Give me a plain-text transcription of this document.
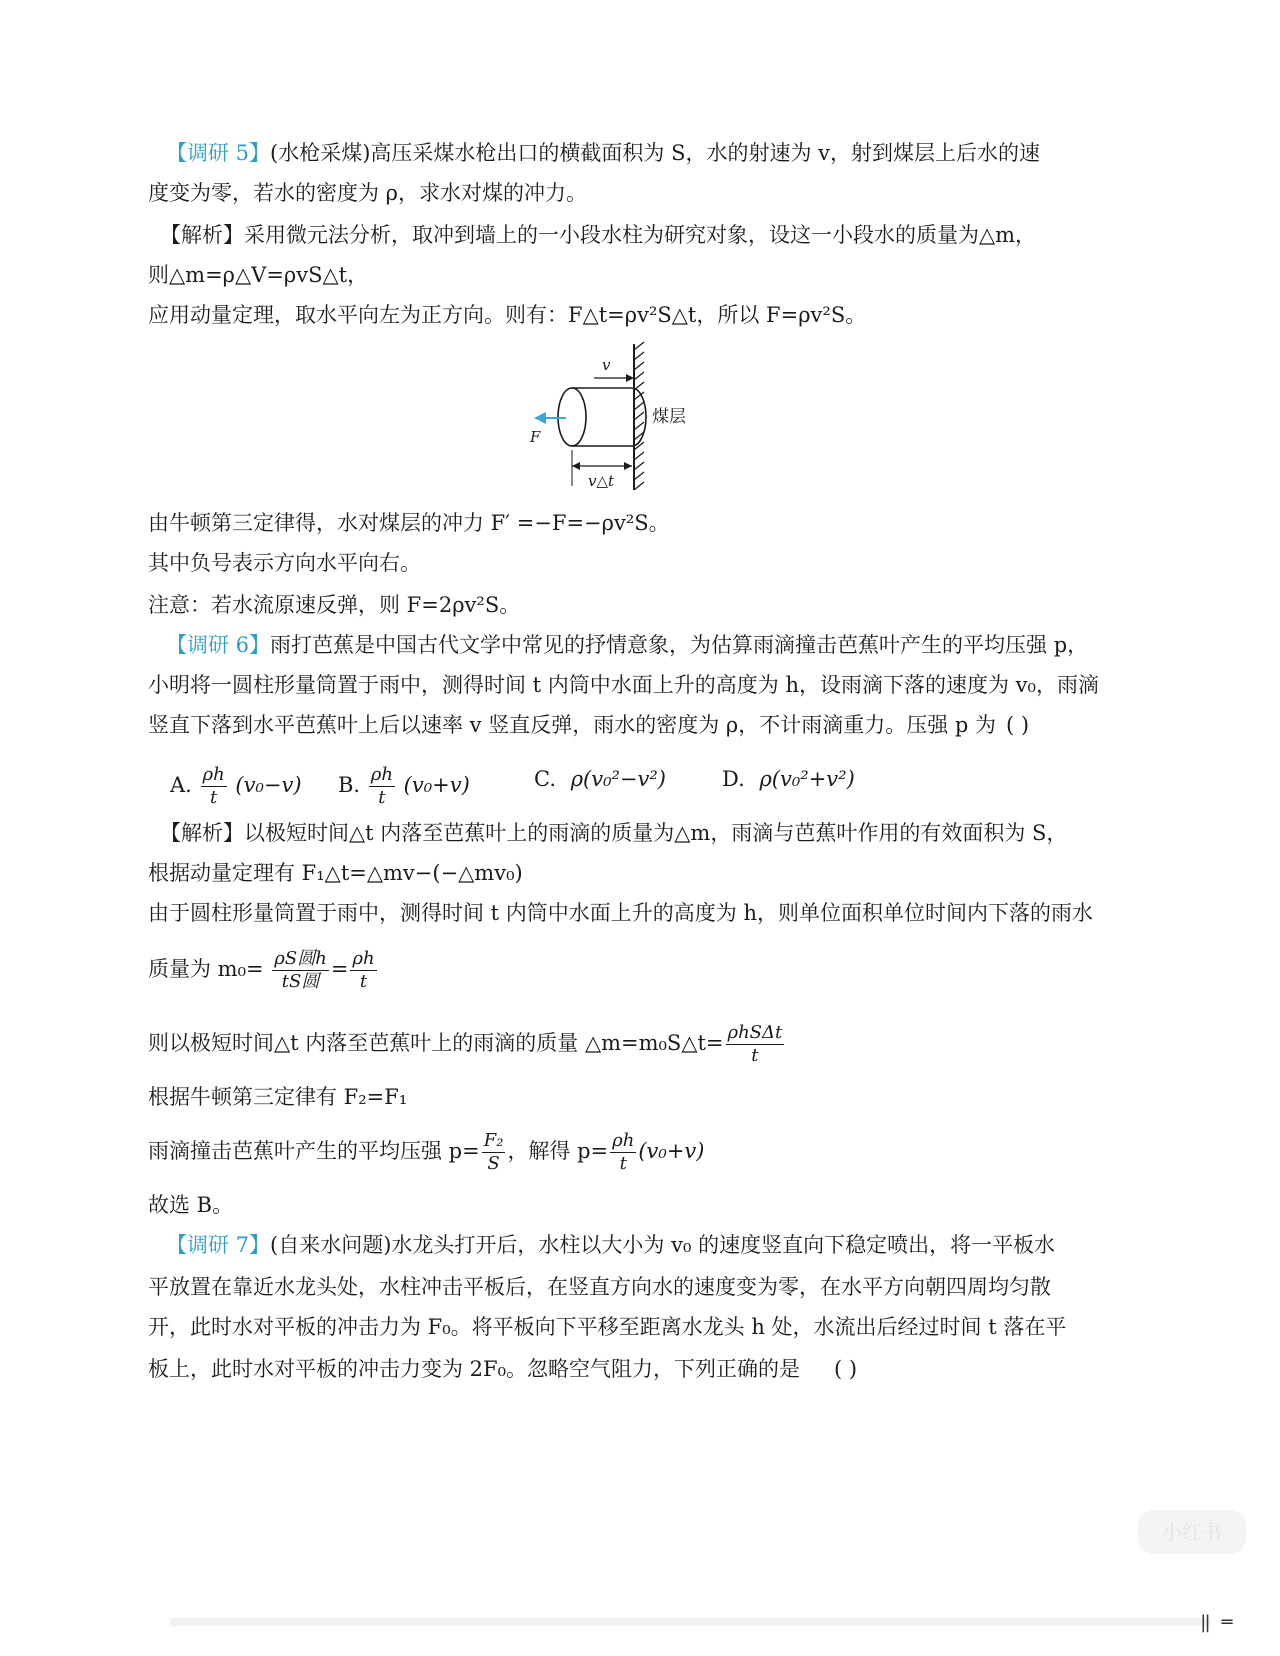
【调研 5】(水枪采煤)高压采煤水枪出口的横截面积为 S，水的射速为 v，射到煤层上后水的速
度变为零，若水的密度为 ρ，求水对煤的冲力。
【解析】采用微元法分析，取冲到墙上的一小段水柱为研究对象，设这一小段水的质量为△m，
则△m=ρ△V=ρvS△t，
应用动量定理，取水平向左为正方向。则有：F△t=ρv²S△t，所以 F=ρv²S。
v
F
煤层
v△t
由牛顿第三定律得，水对煤层的冲力 F′ =−F=−ρv²S。
其中负号表示方向水平向右。
注意：若水流原速反弹，则 F=2ρv²S。
【调研 6】雨打芭蕉是中国古代文学中常见的抒情意象，为估算雨滴撞击芭蕉叶产生的平均压强 p，
小明将一圆柱形量筒置于雨中，测得时间 t 内筒中水面上升的高度为 h，设雨滴下落的速度为 v₀，雨滴
竖直下落到水平芭蕉叶上后以速率 v 竖直反弹，雨水的密度为 ρ，不计雨滴重力。压强 p 为 ( )
A. $\frac{\rho h}{t} (v_0-v)$ B. $\frac{\rho h}{t} (v_0+v)$	C. ρ(v₀²−v²)	D. ρ(v₀²+v²)
【解析】以极短时间△t 内落至芭蕉叶上的雨滴的质量为△m，雨滴与芭蕉叶作用的有效面积为 S，
根据动量定理有 F₁△t=△mv−(−△mv₀)
由于圆柱形量筒置于雨中，测得时间 t 内筒中水面上升的高度为 h，则单位面积单位时间内下落的雨水
质量为 $m_0= \frac{\text{ρS圆h}}{\text{tS圆}} = \frac{\rho h}{t}$
则以极短时间△t 内落至芭蕉叶上的雨滴的质量 △m=m₀S△t= $\frac{\text{ρhSΔt}}{t}$
根据牛顿第三定律有 F₂=F₁
雨滴撞击芭蕉叶产生的平均压强 $p= \frac{\text{F₂}}{S}$ ，解得 $p= \frac{\rho h}{t} (v_0+v)$
故选 B。
【调研 7】(自来水问题)水龙头打开后，水柱以大小为 v₀ 的速度竖直向下稳定喷出，将一平板水
平放置在靠近水龙头处，水柱冲击平板后，在竖直方向水的速度变为零，在水平方向朝四周均匀散
开，此时水对平板的冲击力为 F₀。将平板向下平移至距离水龙头 h 处，水流出后经过时间 t 落在平
板上，此时水对平板的冲击力变为 2F₀。忽略空气阻力，下列正确的是 ( )
小红书
‖ ═
